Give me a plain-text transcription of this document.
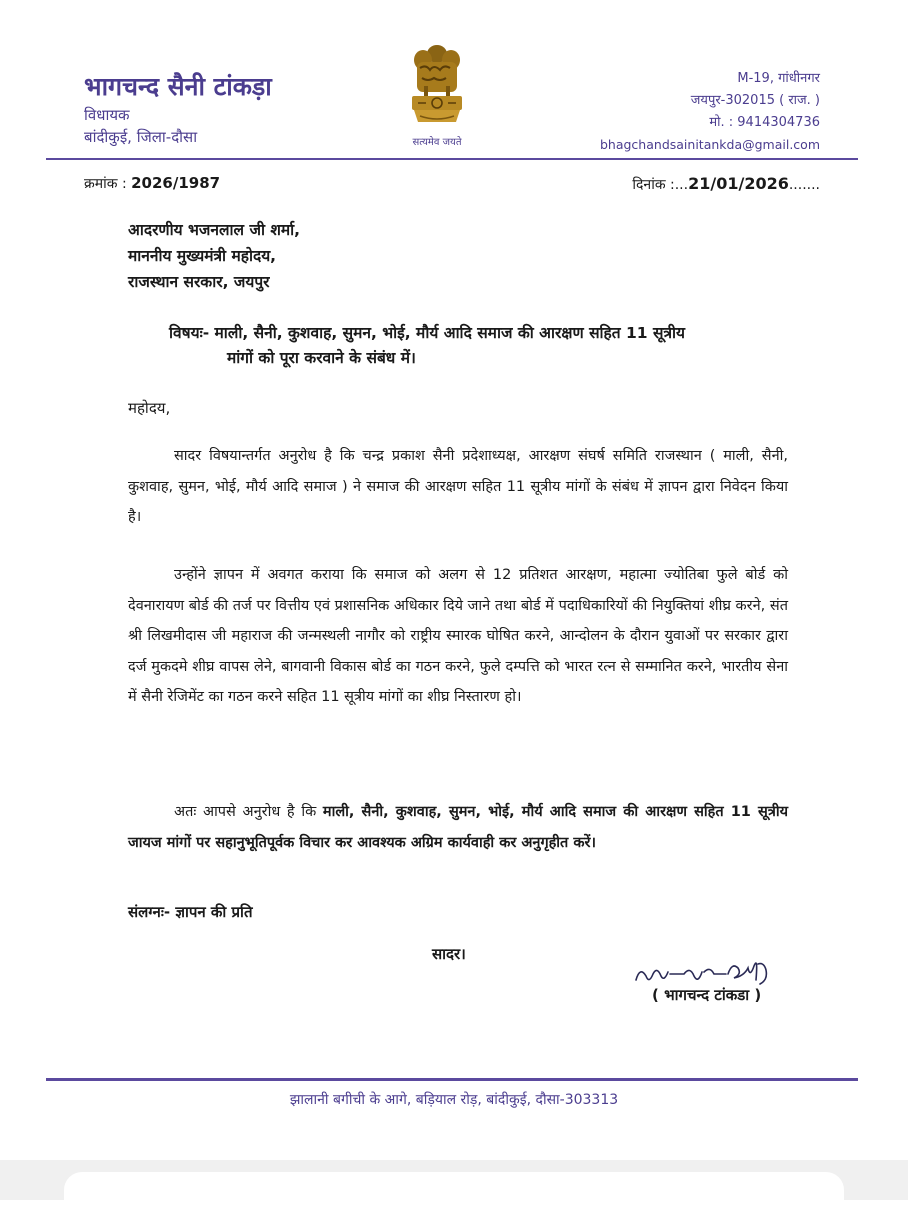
भागचन्द सैनी टांकड़ा
विधायक
बांदीकुई, जिला-दौसा	सत्यमेव जयते
M-19, गांधीनगर
जयपुर-302015 ( राज. )
मो. : 9414304736
bhagchandsainitankda@gmail.com
क्रमांक : 2026/1987	दिनांक :...21/01/2026.......
आदरणीय भजनलाल जी शर्मा,
माननीय मुख्यमंत्री महोदय,
राजस्थान सरकार, जयपुर
विषयः- माली, सैनी, कुशवाह, सुमन, भोई, मौर्य आदि समाज की आरक्षण सहित 11 सूत्रीय
मांगों को पूरा करवाने के संबंध में।
महोदय,
सादर विषयान्तर्गत अनुरोध है कि चन्द्र प्रकाश सैनी प्रदेशाध्यक्ष, आरक्षण संघर्ष समिति राजस्थान ( माली, सैनी, कुशवाह, सुमन, भोई, मौर्य आदि समाज ) ने समाज की आरक्षण सहित 11 सूत्रीय मांगों के संबंध में ज्ञापन द्वारा निवेदन किया है।
उन्होंने ज्ञापन में अवगत कराया कि समाज को अलग से 12 प्रतिशत आरक्षण, महात्मा ज्योतिबा फुले बोर्ड को देवनारायण बोर्ड की तर्ज पर वित्तीय एवं प्रशासनिक अधिकार दिये जाने तथा बोर्ड में पदाधिकारियों की नियुक्तियां शीघ्र करने, संत श्री लिखमीदास जी महाराज की जन्मस्थली नागौर को राष्ट्रीय स्मारक घोषित करने, आन्दोलन के दौरान युवाओं पर सरकार द्वारा दर्ज मुकदमे शीघ्र वापस लेने, बागवानी विकास बोर्ड का गठन करने, फुले दम्पत्ति को भारत रत्न से सम्मानित करने, भारतीय सेना में सैनी रेजिमेंट का गठन करने सहित 11 सूत्रीय मांगों का शीघ्र निस्तारण हो।
अतः आपसे अनुरोध है कि माली, सैनी, कुशवाह, सुमन, भोई, मौर्य आदि समाज की आरक्षण सहित 11 सूत्रीय जायज मांगों पर सहानुभूतिपूर्वक विचार कर आवश्यक अग्रिम कार्यवाही कर अनुगृहीत करें।
संलग्नः- ज्ञापन की प्रति
सादर।
( भागचन्द टांकडा )
झालानी बगीची के आगे, बड़ियाल रोड़, बांदीकुई, दौसा-303313
